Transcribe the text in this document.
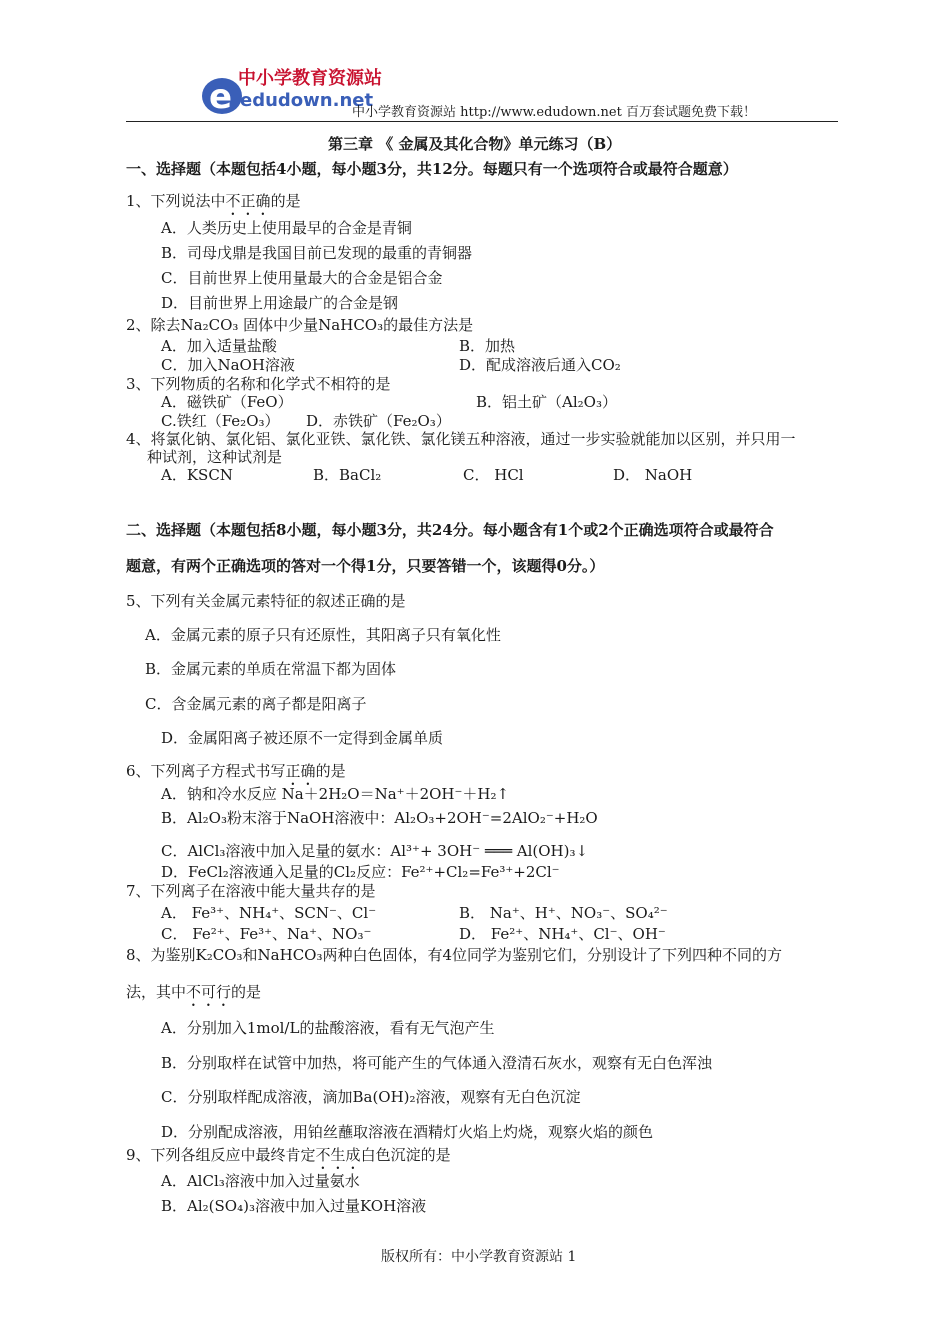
e 中小学教育资源站
edudown.net
中小学教育资源站 http://www.edudown.net 百万套试题免费下载！
第三章 《 金属及其化合物》单元练习（B）
一、选择题（本题包括4小题，每小题3分，共12分。每题只有一个选项符合或最符合题意）
1、下列说法中不正确的是
A．人类历史上使用最早的合金是青铜
B．司母戊鼎是我国目前已发现的最重的青铜器
C．目前世界上使用量最大的合金是铝合金
D．目前世界上用途最广的合金是钢
2、除去Na₂CO₃ 固体中少量NaHCO₃的最佳方法是
A．加入适量盐酸	B．加热
C．加入NaOH溶液	D．配成溶液后通入CO₂
3、下列物质的名称和化学式不相符的是
A．磁铁矿（FeO）	B．铝土矿（Al₂O₃）
C.铁红（Fe₂O₃） D．赤铁矿（Fe₂O₃）
4、将氯化钠、氯化铝、氯化亚铁、氯化铁、氯化镁五种溶液，通过一步实验就能加以区别，并只用一
种试剂，这种试剂是
A．KSCN	B．BaCl₂	C． HCl	D． NaOH
二、选择题（本题包括8小题，每小题3分，共24分。每小题含有1个或2个正确选项符合或最符合
题意，有两个正确选项的答对一个得1分，只要答错一个，该题得0分。）
5、下列有关金属元素特征的叙述正确的是
A．金属元素的原子只有还原性，其阳离子只有氧化性
B．金属元素的单质在常温下都为固体
C．含金属元素的离子都是阳离子
D．金属阳离子被还原不一定得到金属单质
6、下列离子方程式书写正确的是
A．钠和冷水反应 Na＋2H₂O＝Na⁺＋2OH⁻＋H₂↑
B．Al₂O₃粉末溶于NaOH溶液中：Al₂O₃+2OH⁻=2AlO₂⁻+H₂O
C．AlCl₃溶液中加入足量的氨水：Al³⁺+ 3OH⁻ ═══ Al(OH)₃↓
D．FeCl₂溶液通入足量的Cl₂反应：Fe²⁺+Cl₂=Fe³⁺+2Cl⁻
7、下列离子在溶液中能大量共存的是
A． Fe³⁺、NH₄⁺、SCN⁻、Cl⁻	B． Na⁺、H⁺、NO₃⁻、SO₄²⁻
C． Fe²⁺、Fe³⁺、Na⁺、NO₃⁻	D． Fe²⁺、NH₄⁺、Cl⁻、OH⁻
8、为鉴别K₂CO₃和NaHCO₃两种白色固体，有4位同学为鉴别它们，分别设计了下列四种不同的方
法，其中不可行的是
A．分别加入1mol/L的盐酸溶液，看有无气泡产生
B．分别取样在试管中加热，将可能产生的气体通入澄清石灰水，观察有无白色浑浊
C．分别取样配成溶液，滴加Ba(OH)₂溶液，观察有无白色沉淀
D．分别配成溶液，用铂丝蘸取溶液在酒精灯火焰上灼烧，观察火焰的颜色
9、下列各组反应中最终肯定不生成白色沉淀的是
A．AlCl₃溶液中加入过量氨水
B．Al₂(SO₄)₃溶液中加入过量KOH溶液
版权所有：中小学教育资源站 1
